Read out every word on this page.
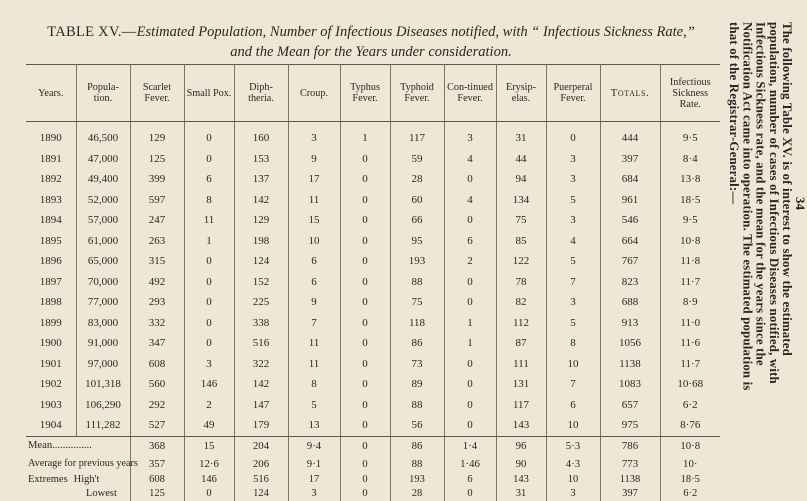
TABLE XV.—Estimated Population, Number of Infectious Diseases notified, with “ Infectious Sickness Rate,”
and the Mean for the Years under consideration.
34
The following Table XV. is of interest to show the estimated
population, number of cases of Infectious Diseases notified, with
Infectious Sickness rate, and the mean for the years since the
Notification Act came into operation. The estimated population is
that of the Registrar-General:—
Years.	Popula-tion.	Scarlet Fever.	Small Pox.	Diph-theria.	Croup.	Typhus Fever.	Typhoid Fever.	Con-tinued Fever.	Erysip-elas.	Puerperal Fever.	Totals.	Infectious Sickness Rate.
1890	46,500	129	0	160	3	1	117	3	31	0	444	9·5
1891	47,000	125	0	153	9	0	59	4	44	3	397	8·4
1892	49,400	399	6	137	17	0	28	0	94	3	684	13·8
1893	52,000	597	8	142	11	0	60	4	134	5	961	18·5
1894	57,000	247	11	129	15	0	66	0	75	3	546	9·5
1895	61,000	263	1	198	10	0	95	6	85	4	664	10·8
1896	65,000	315	0	124	6	0	193	2	122	5	767	11·8
1897	70,000	492	0	152	6	0	88	0	78	7	823	11·7
1898	77,000	293	0	225	9	0	75	0	82	3	688	8·9
1899	83,000	332	0	338	7	0	118	1	112	5	913	11·0
1900	91,000	347	0	516	11	0	86	1	87	8	1056	11·6
1901	97,000	608	3	322	11	0	73	0	111	10	1138	11·7
1902	101,318	560	146	142	8	0	89	0	131	7	1083	10·68
1903	106,290	292	2	147	5	0	88	0	117	6	657	6·2
1904	111,282	527	49	179	13	0	56	0	143	10	975	8·76
Mean...............		368	15	204	9·4	0	86	1·4	96	5·3	786	10·8
Average for previous years		357	12·6	206	9·1	0	88	1·46	90	4·3	773	10·
Extremes High't		608	146	516	17	0	193	6	143	10	1138	18·5
Lowest		125	0	124	3	0	28	0	31	3	397	6·2
